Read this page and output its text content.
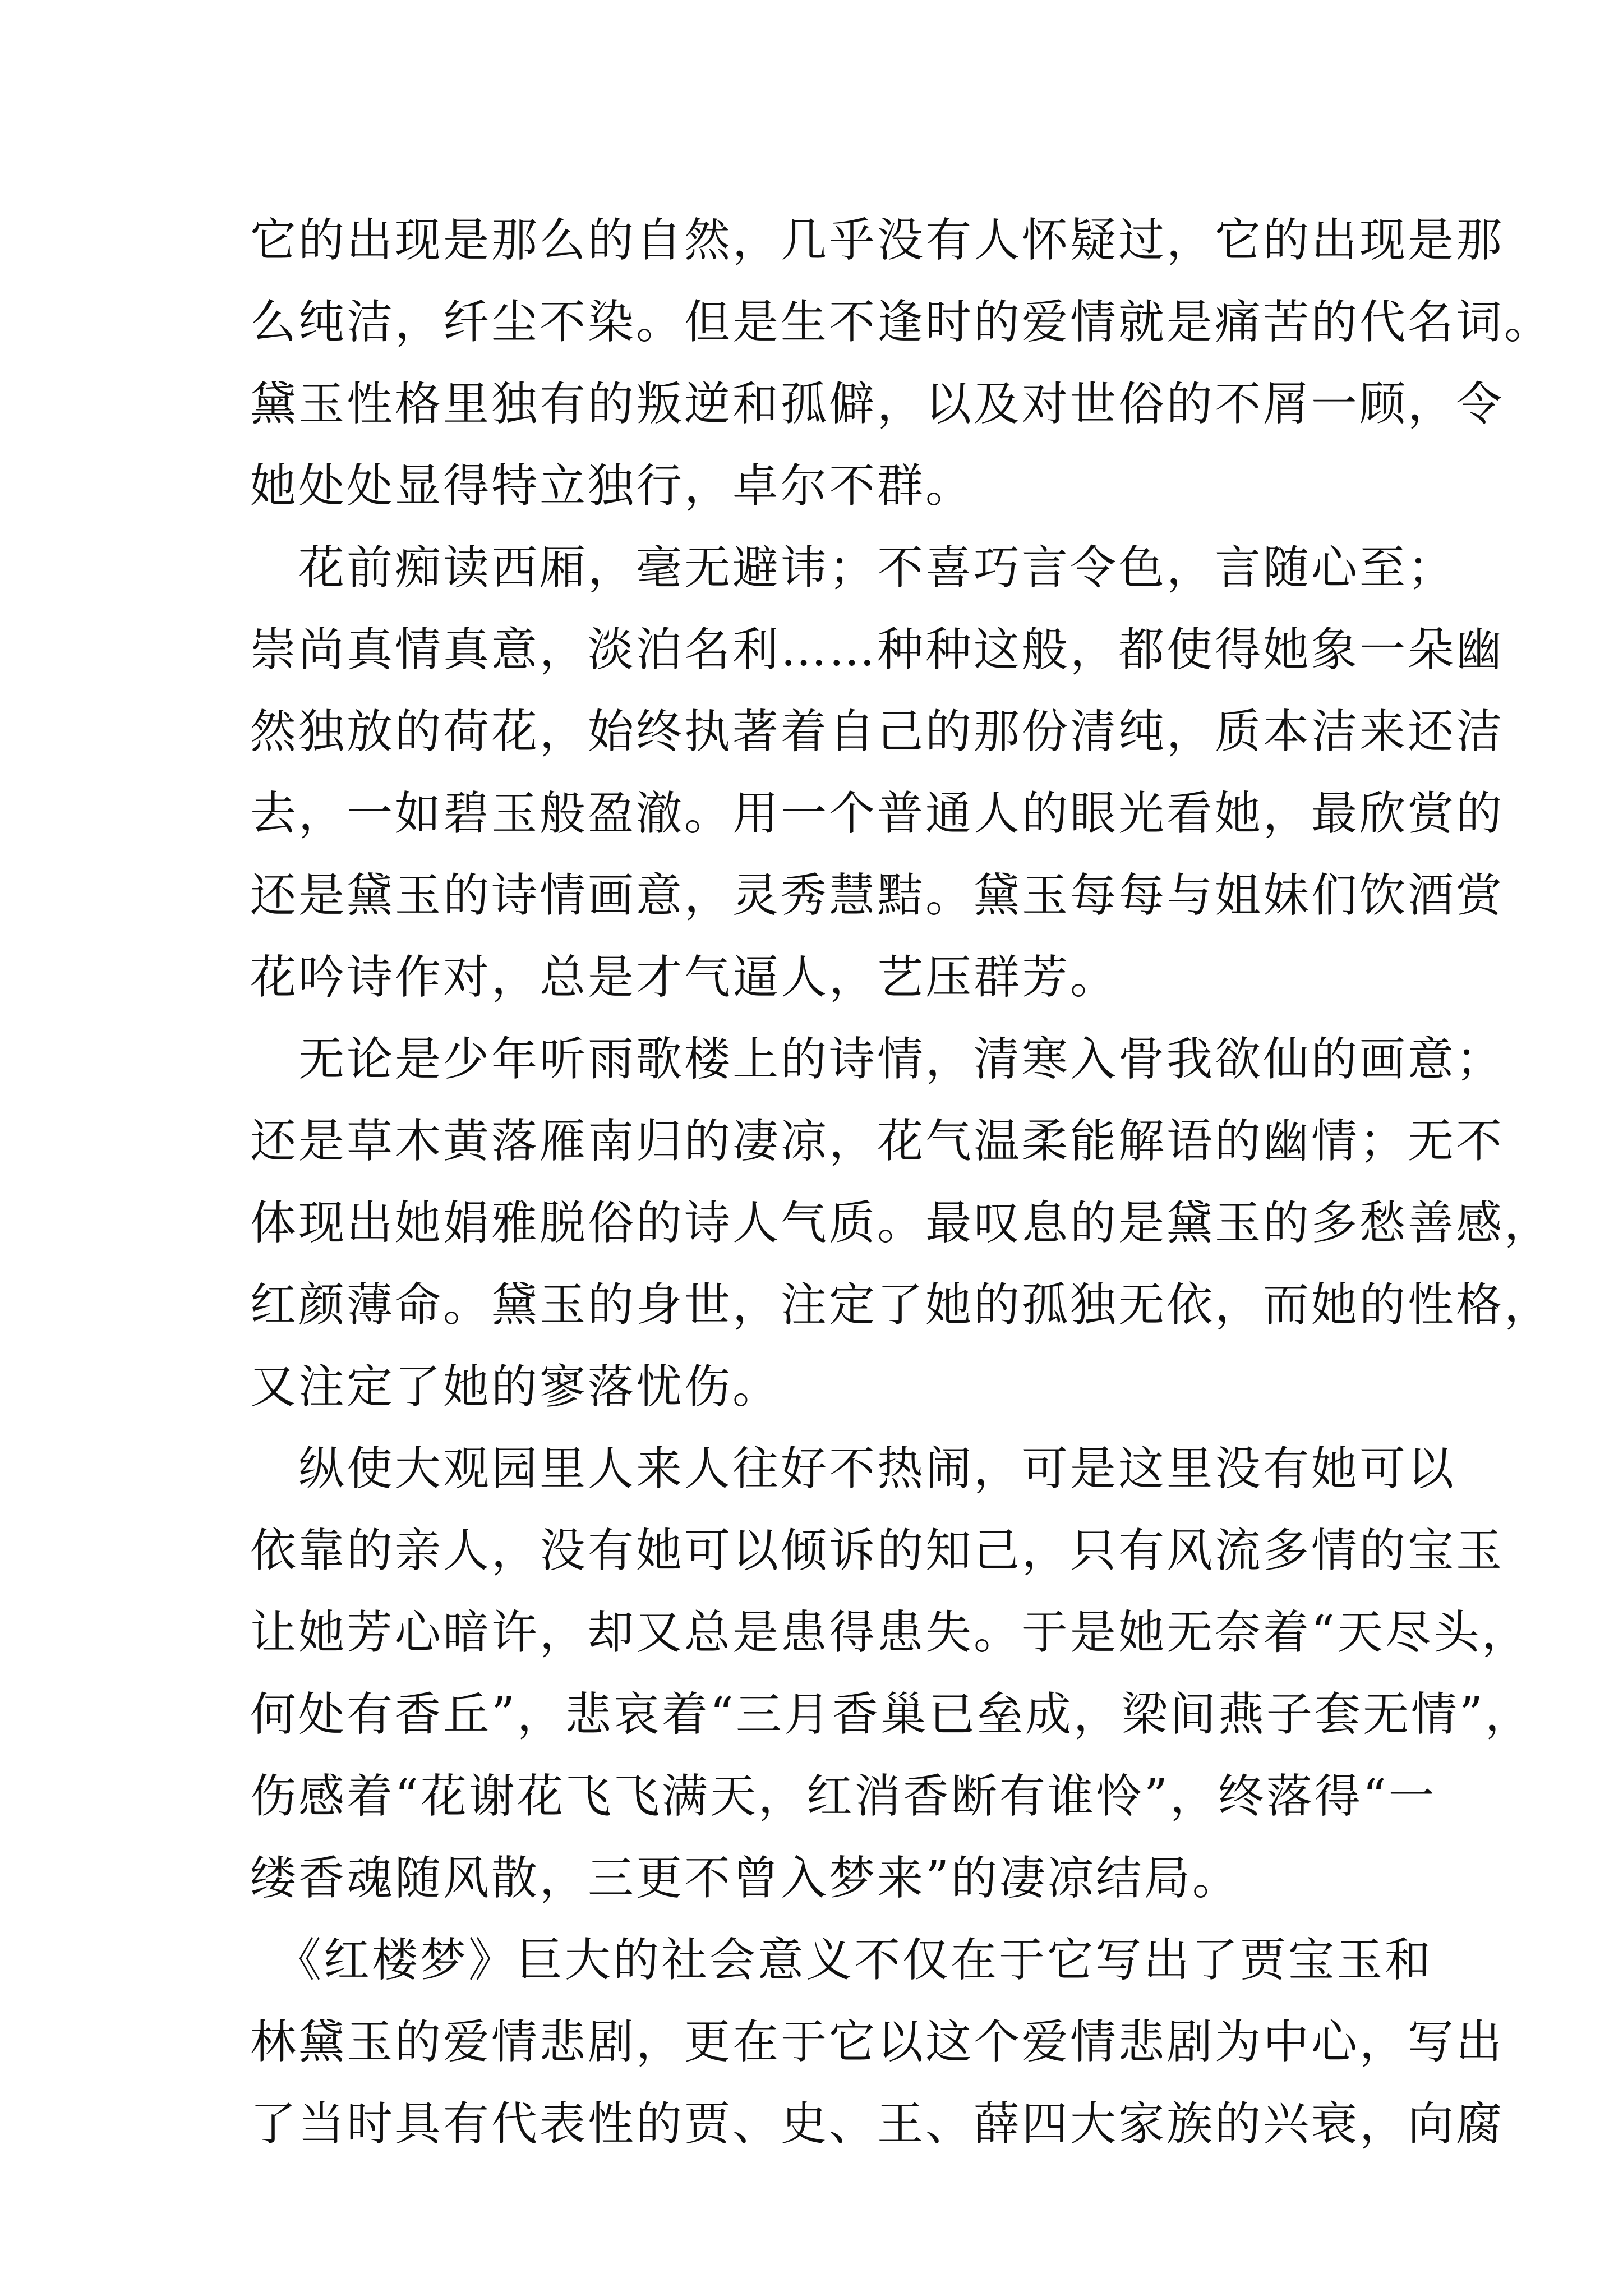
它的出现是那么的自然，几乎没有人怀疑过，它的出现是那
么纯洁，纤尘不染。但是生不逢时的爱情就是痛苦的代名词。
黛玉性格里独有的叛逆和孤僻，以及对世俗的不屑一顾，令
她处处显得特立独行，卓尔不群。
　花前痴读西厢，毫无避讳；不喜巧言令色，言随心至；
崇尚真情真意，淡泊名利……种种这般，都使得她象一朵幽
然独放的荷花，始终执著着自己的那份清纯，质本洁来还洁
去，一如碧玉般盈澈。用一个普通人的眼光看她，最欣赏的
还是黛玉的诗情画意，灵秀慧黠。黛玉每每与姐妹们饮酒赏
花吟诗作对，总是才气逼人，艺压群芳。
　无论是少年听雨歌楼上的诗情，清寒入骨我欲仙的画意；
还是草木黄落雁南归的凄凉，花气温柔能解语的幽情；无不
体现出她娟雅脱俗的诗人气质。最叹息的是黛玉的多愁善感，
红颜薄命。黛玉的身世，注定了她的孤独无依，而她的性格，
又注定了她的寥落忧伤。
　纵使大观园里人来人往好不热闹，可是这里没有她可以
依靠的亲人，没有她可以倾诉的知己，只有风流多情的宝玉
让她芳心暗许，却又总是患得患失。于是她无奈着“天尽头，
何处有香丘”，悲哀着“三月香巢已垒成，梁间燕子套无情”，
伤感着“花谢花飞飞满天，红消香断有谁怜”，终落得“一
缕香魂随风散，三更不曾入梦来”的凄凉结局。
　《红楼梦》巨大的社会意义不仅在于它写出了贾宝玉和
林黛玉的爱情悲剧，更在于它以这个爱情悲剧为中心，写出
了当时具有代表性的贾、史、王、薛四大家族的兴衰，向腐
